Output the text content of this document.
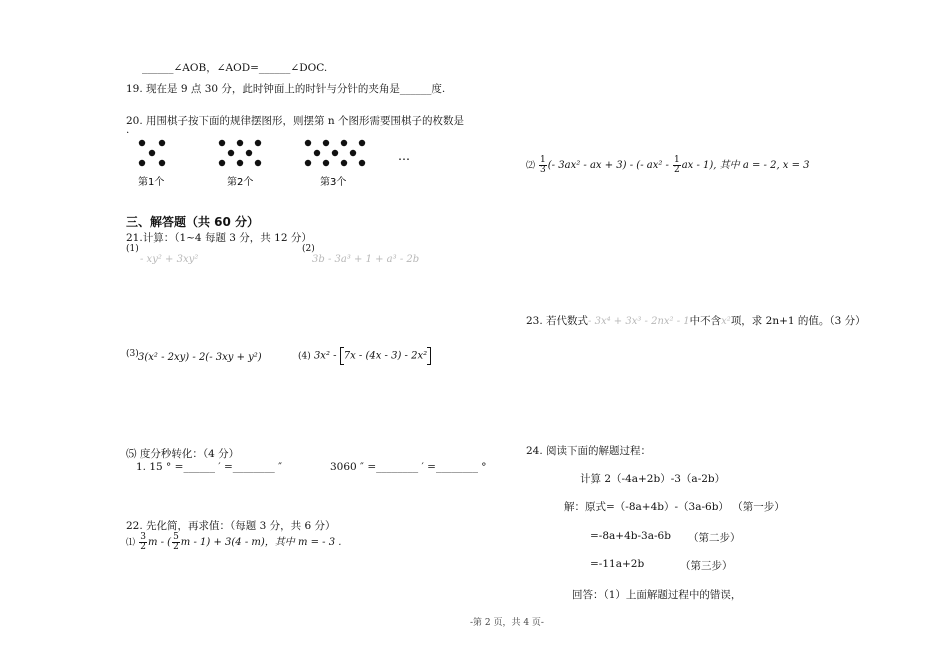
______∠AOB，∠AOD=______∠DOC.
19. 现在是 9 点 30 分，此时钟面上的时针与分针的夹角是______度.
20. 用围棋子按下面的规律摆图形，则摆第 n 个图形需要围棋子的枚数是
.
第1个	第2个	第3个
…
三、解答题（共 60 分）
21.计算：（1~4 每题 3 分，共 12 分）
(1)
- xy² + 3xy²
(2)
3b - 3a³ + 1 + a³ - 2b
(3) 3(x² - 2xy) - 2(- 3xy + y²)	(4) 3x² - 7x - (4x - 3) - 2x²
⑸ 度分秒转化：（4 分）
1. 15 ° =______ ′ =________ ″	3060 ″ =________ ′ =________ °
22. 先化简，再求值：（每题 3 分，共 6 分）
⑴ $\frac{3}{2}$ m - ( $\frac{5}{2}$ m - 1) + 3(4 - m)，其中 m = - 3 .
⑵ $\frac{1}{3}$ (- 3ax² - ax + 3) - (- $ax^2 - \frac{1}{2}$ ax - 1), 其中 a = - 2, x = 3
23. 若代数式- 3x⁴ + 3x³ - 2nx² - 1中不含x²项，求 2n+1 的值。（3 分）
24. 阅读下面的解题过程：
计算 2（-4a+2b）-3（a-2b）
解：原式=（-8a+4b）-（3a-6b） （第一步）
=-8a+4b-3a-6b （第二步）
=-11a+2b	（第三步）
回答：（1）上面解题过程中的错误，
-第 2 页，共 4 页-
